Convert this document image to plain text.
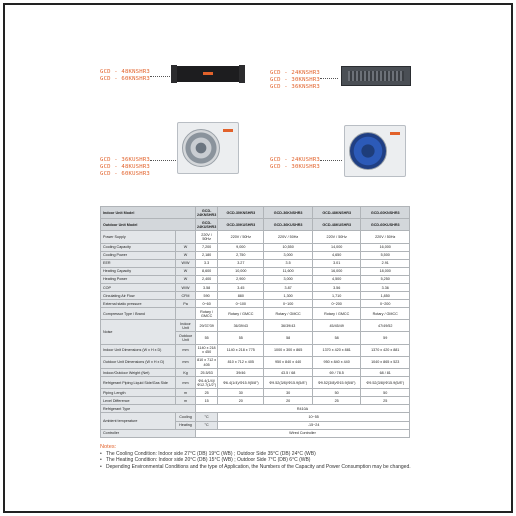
GCD - 48KNSHR3
GCD - 60KNSHR3
GCD - 24KNSHR3
GCD - 30KNSHR3
GCD - 36KNSHR3
GCD - 36KUSHR3
GCD - 48KUSHR3
GCD - 60KUSHR3
GCD - 24KUSHR3
GCD - 30KUSHR3
Indoor Unit Model		GCD-24KNSHR3	GCD-30KNSHR3	GCD-36KNSHR3	GCD-48KNSHR3	GCD-60KNSHR3
Outdoor Unit Model		GCD-24KUSHR3	GCD-30KUSHR3	GCD-36KUSHR3	GCD-48KUSHR3	GCD-60KUSHR3
Power Supply		220V / 50Hz	220V / 50Hz	220V / 50Hz	220V / 50Hz	220V / 50Hz
Cooling Capacity	W	7,200	9,000	10,550	14,000	16,000
Cooling Power	W	2,180	2,750	3,000	4,650	5,500
EER	W/W	3.3	3.27	3.5	3.01	2.91
Heating Capacity	W	8,600	10,000	11,600	16,000	18,000
Heating Power	W	2,400	2,900	3,000	4,500	5,250
COP	W/W	3.58	3.45	3.87	3.56	3.36
Circulating Air Flow	CFM	590	880	1,300	1,710	1,850
External static pressure	Pa	0~60	0~100	0~100	0~200	0~200
Compressor Type / Brand		Rotary / GMCC	Rotary / GMCC	Rotary / GMCC	Rotary / GMCC	Rotary / GMCC
Noise	Indoor Unit	29/37/39	36/39/43	36/39/43	45/45/49	47/49/52
	Outdoor Unit	55	55	58	58	59
Indoor Unit Dimensions (W x H x D)	mm	1140 x 218 x 450	1140 x 218 x 775	1000 x 300 x 865	1370 x 420 x 881	1370 x 420 x 881
Outdoor Unit Dimensions (W x H x D)	mm	810 x 712 x 405	810 x 712 x 405	950 x 840 x 440	950 x 840 x 440	1040 x 865 x 523
Indoor/Outdoor Weight (Net)	Kg	25.5/53	39/46	43.5 / 68	69 / 78.5	68 / 81
Refrigerant Piping Liquid Side/Gas Side	mm	Φ6.4(1/4)/Φ12.7(1/2")	Φ6.4(1/4)/Φ15.9(5/8")	Φ9.52(3/8)/Φ15.9(5/8")	Φ9.52(3/8)/Φ15.9(5/8")	Φ9.52(3/8)/Φ15.9(5/8")
Piping Length	m	25	30	30	50	50
Level Difference	m	15	20	20	25	25
Refrigerant Type		R410A				
Ambient temperature	Cooling	°C	10~55			
	Heating	°C	-15~24			
Controller		Wired Controller				
Notes:
• The Cooling Condition: Indoor side 27°C (DB) 19°C (WB) ; Outdoor Side 35°C (DB) 24°C (WB)
• The Heating Condition: Indoor side 20°C (DB) 15°C (WB) ; Outdoor Side 7°C (DB) 6°C (WB)
• Depending Environmental Conditions and the type of Application, the Numbers of the Capacity and Power Consumption may be changed.
